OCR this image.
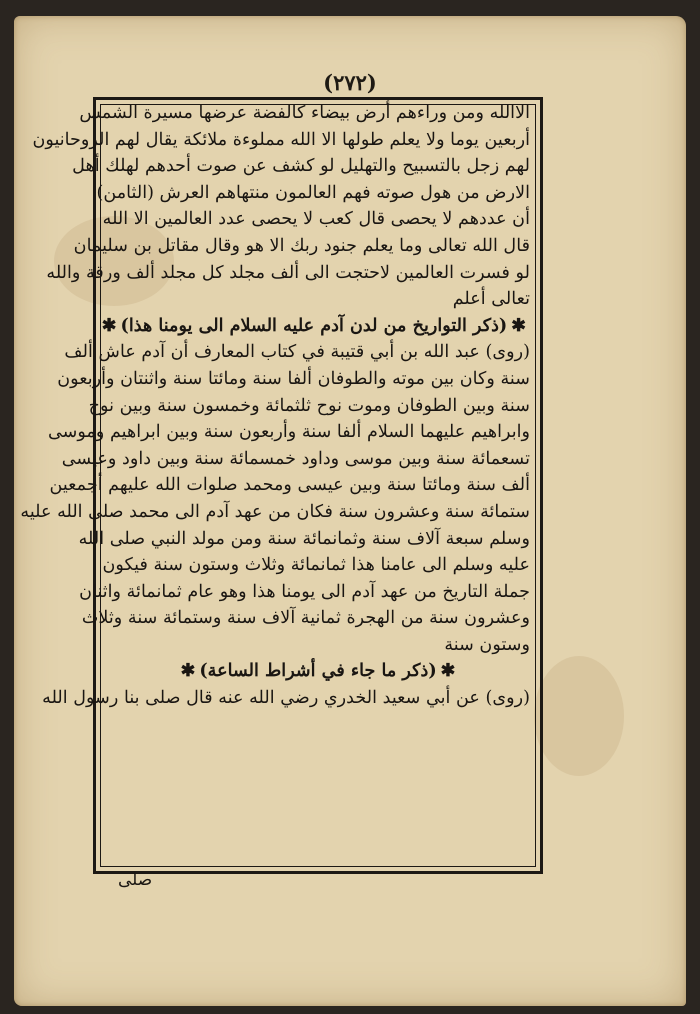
(٢٧٢)
الاالله ومن وراءهم أرض بيضاء كالفضة عرضها مسيرة الشمس
أربعين يوما ولا يعلم طولها الا الله مملوءة ملائكة يقال لهم الروحانيون
لهم زجل بالتسبيح والتهليل لو كشف عن صوت أحدهم لهلك أهل
الارض من هول صوته فهم العالمون منتهاهم العرش (الثامن)
أن عددهم لا يحصى قال كعب لا يحصى عدد العالمين الا الله
قال الله تعالى وما يعلم جنود ربك الا هو وقال مقاتل بن سليمان
لو فسرت العالمين لاحتجت الى ألف مجلد كل مجلد ألف ورقة والله
تعالى أعلم
✱(ذكر التواريخ من لدن آدم عليه السلام الى يومنا هذا)✱
(روى) عبد الله بن أبي قتيبة في كتاب المعارف أن آدم عاش ألف
سنة وكان بين موته والطوفان ألفا سنة ومائتا سنة واثنتان وأربعون
سنة وبين الطوفان وموت نوح ثلثمائة وخمسون سنة وبين نوح
وابراهيم عليهما السلام ألفا سنة وأربعون سنة وبين ابراهيم وموسى
تسعمائة سنة وبين موسى وداود خمسمائة سنة وبين داود وعيسى
ألف سنة ومائتا سنة وبين عيسى ومحمد صلوات الله عليهم أجمعين
ستمائة سنة وعشرون سنة فكان من عهد آدم الى محمد صلى الله عليه
وسلم سبعة آلاف سنة وثمانمائة سنة ومن مولد النبي صلى الله
عليه وسلم الى عامنا هذا ثمانمائة وثلاث وستون سنة فيكون
جملة التاريخ من عهد آدم الى يومنا هذا وهو عام ثمانمائة واثنان
وعشرون سنة من الهجرة ثمانية آلاف سنة وستمائة سنة وثلاث
وستون سنة
✱(ذكر ما جاء في أشراط الساعة)✱
(روى) عن أبي سعيد الخدري رضي الله عنه قال صلى بنا رسول الله
صلى
